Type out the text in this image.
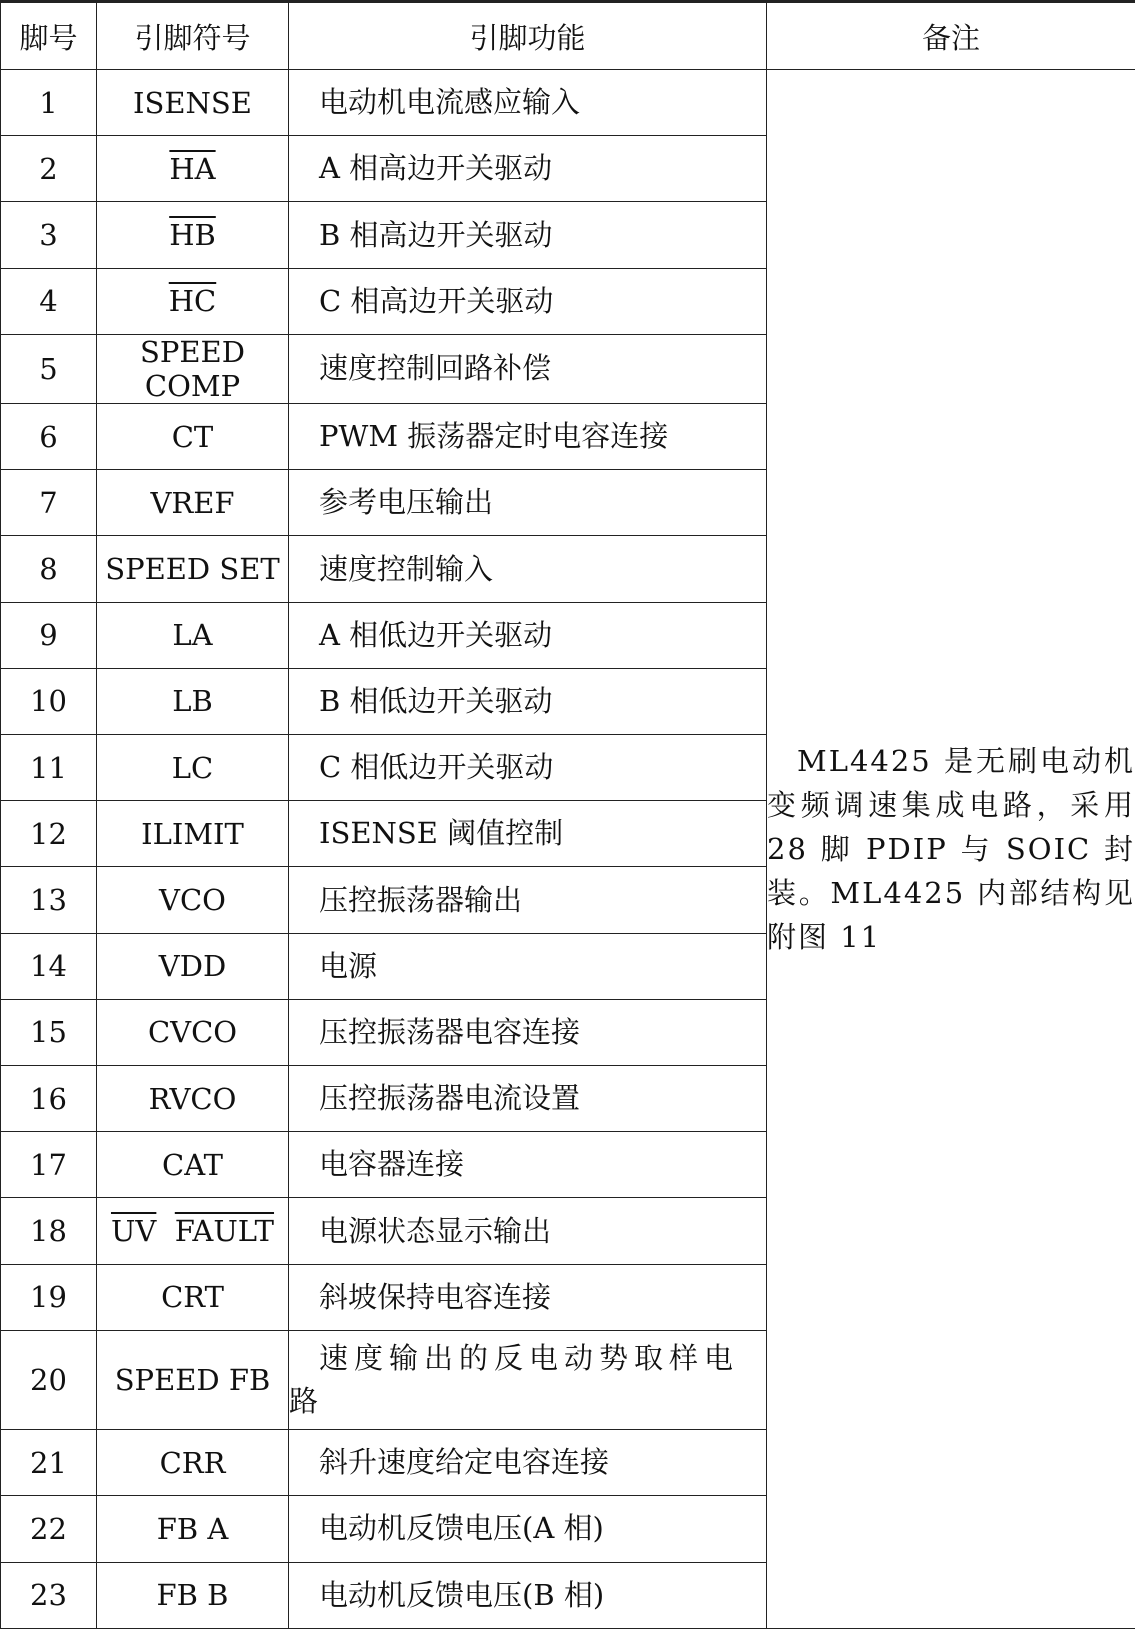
脚号	引脚符号	引脚功能	备注
1	ISENSE	电动机电流感应输入	ML4425 是无刷电动机变频调速集成电路，采用 28 脚 PDIP 与 SOIC 封装。ML4425 内部结构见附图 11

2	$\overline{HA}$	A 相高边开关驱动	

3	$\overline{HB}$	B 相高边开关驱动	

4	$\overline{HC}$	C 相高边开关驱动	

5	SPEED COMP	速度控制回路补偿	

6	CT	PWM 振荡器定时电容连接	

7	VREF	参考电压输出	

8	SPEED SET	速度控制输入	

9	LA	A 相低边开关驱动	

10	LB	B 相低边开关驱动	

11	LC	C 相低边开关驱动	

12	ILIMIT	ISENSE 阈值控制	

13	VCO	压控振荡器输出	

14	VDD	电源	

15	CVCO	压控振荡器电容连接	

16	RVCO	压控振荡器电流设置	

17	CAT	电容器连接	

18	$\overline{UV}$ FAULT	电源状态显示输出	

19	CRT	斜坡保持电容连接	

20	SPEED FB	速度输出的反电动势取样电路	

21	CRR	斜升速度给定电容连接	

22	FB A	电动机反馈电压(A 相)	

23	FB B	电动机反馈电压(B 相)	
